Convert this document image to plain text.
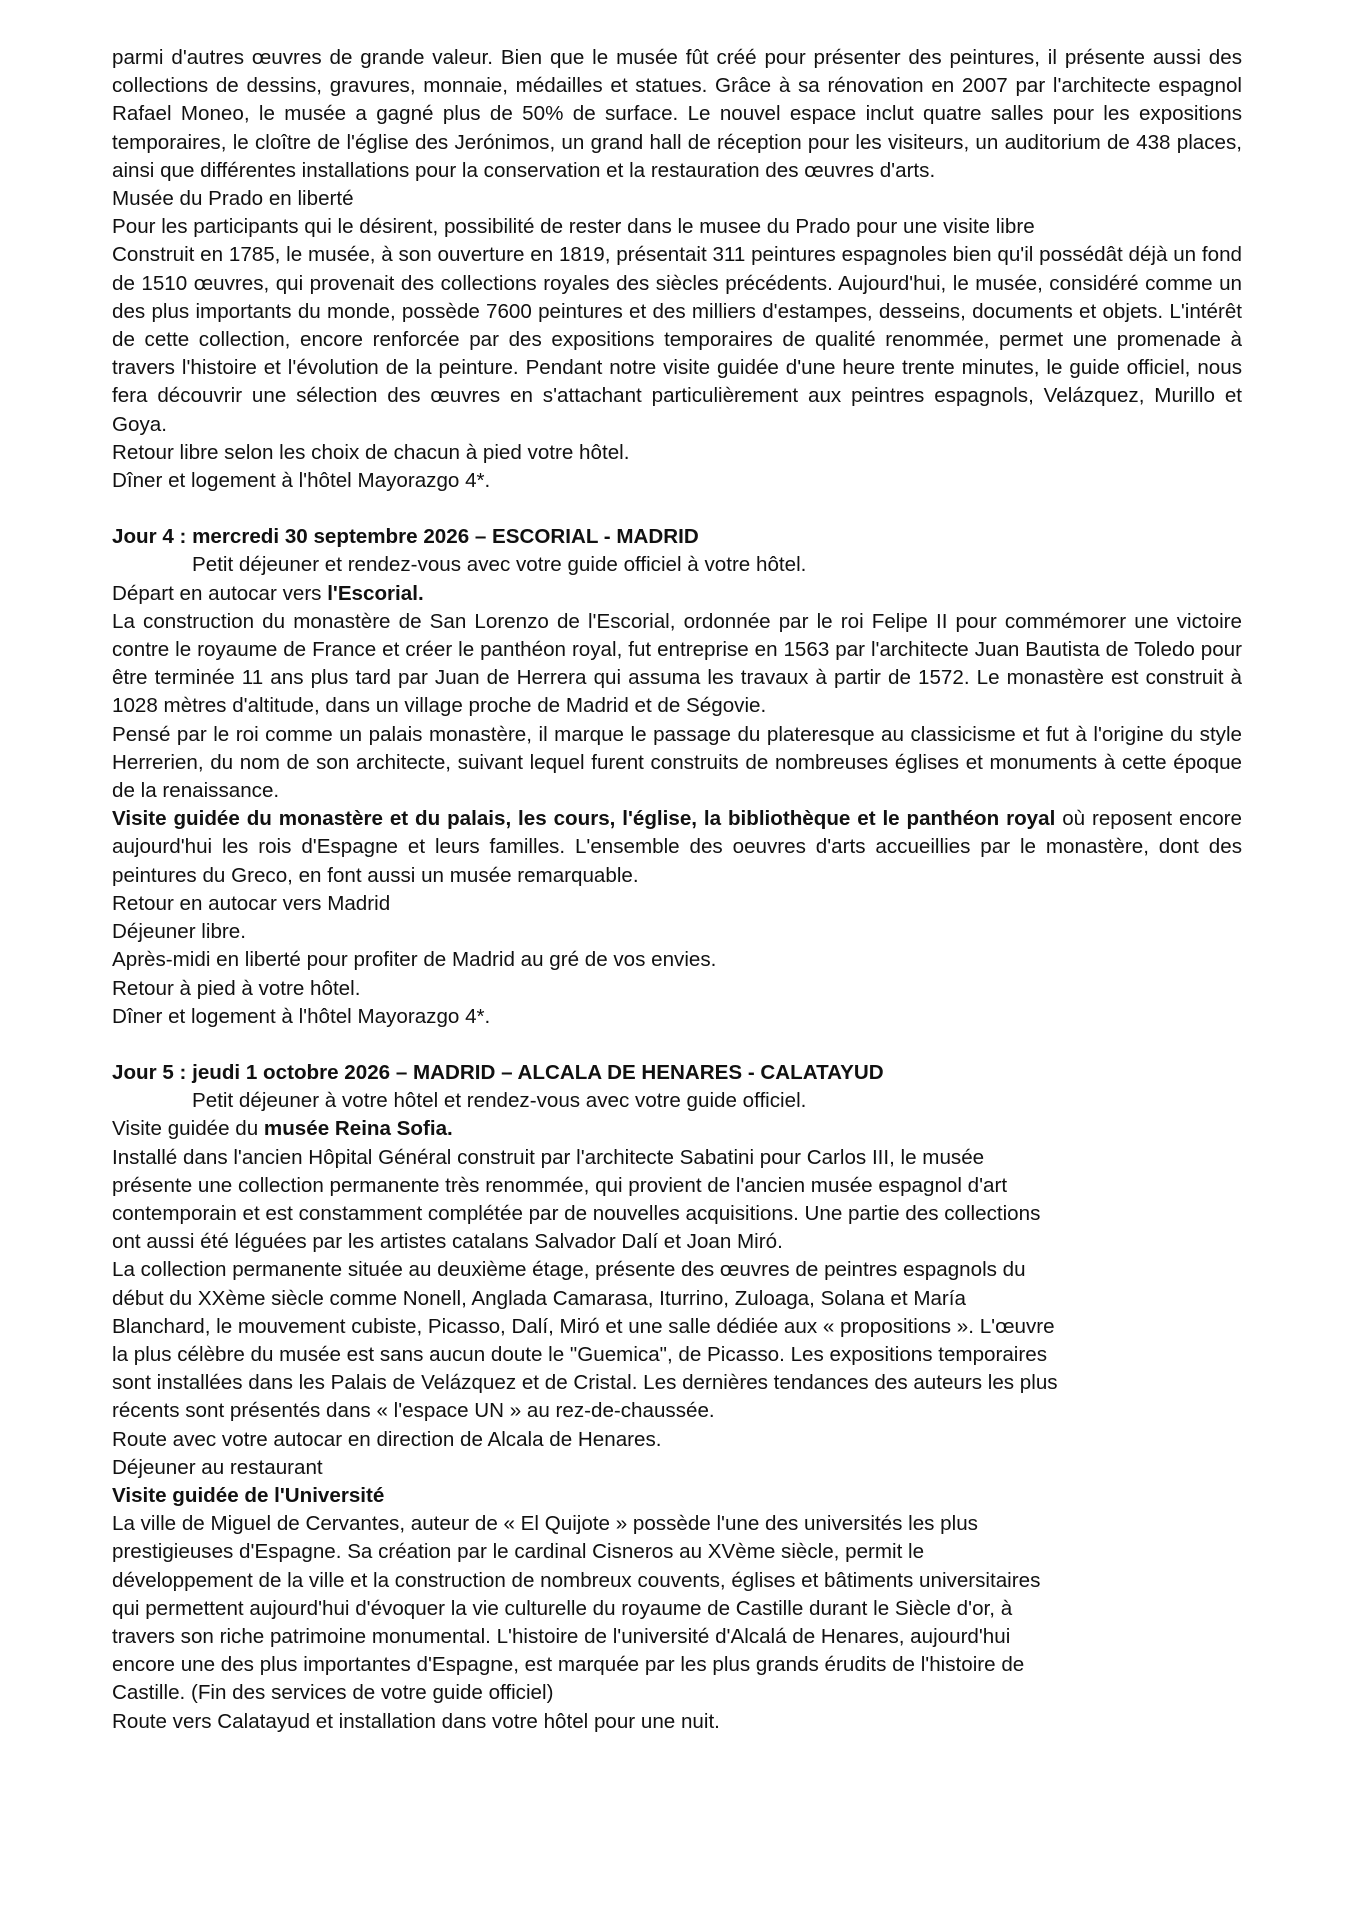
parmi d'autres œuvres de grande valeur. Bien que le musée fût créé pour présenter des peintures, il présente aussi des collections de dessins, gravures, monnaie, médailles et statues. Grâce à sa rénovation en 2007 par l'architecte espagnol Rafael Moneo, le musée a gagné plus de 50% de surface. Le nouvel espace inclut quatre salles pour les expositions temporaires, le cloître de l'église des Jerónimos, un grand hall de réception pour les visiteurs, un auditorium de 438 places, ainsi que différentes installations pour la conservation et la restauration des œuvres d'arts.

Musée du Prado en liberté

Pour les participants qui le désirent, possibilité de rester dans le musee du Prado pour une visite libre

Construit en 1785, le musée, à son ouverture en 1819, présentait 311 peintures espagnoles bien qu'il possédât déjà un fond de 1510 œuvres, qui provenait des collections royales des siècles précédents. Aujourd'hui, le musée, considéré comme un des plus importants du monde, possède 7600 peintures et des milliers d'estampes, desseins, documents et objets. L'intérêt de cette collection, encore renforcée par des expositions temporaires de qualité renommée, permet une promenade à travers l'histoire et l'évolution de la peinture. Pendant notre visite guidée d'une heure trente minutes, le guide officiel, nous fera découvrir une sélection des œuvres en s'attachant particulièrement aux peintres espagnols, Velázquez, Murillo et Goya.

Retour libre selon les choix de chacun à pied votre hôtel.

Dîner et logement à l'hôtel Mayorazgo 4*.

Jour 4 : mercredi 30 septembre 2026 – ESCORIAL - MADRID

Petit déjeuner et rendez-vous avec votre guide officiel à votre hôtel.

Départ en autocar vers l'Escorial.

La construction du monastère de San Lorenzo de l'Escorial, ordonnée par le roi Felipe II pour commémorer une victoire contre le royaume de France et créer le panthéon royal, fut entreprise en 1563 par l'architecte Juan Bautista de Toledo pour être terminée 11 ans plus tard par Juan de Herrera qui assuma les travaux à partir de 1572. Le monastère est construit à 1028 mètres d'altitude, dans un village proche de Madrid et de Ségovie.

Pensé par le roi comme un palais monastère, il marque le passage du plateresque au classicisme et fut à l'origine du style Herrerien, du nom de son architecte, suivant lequel furent construits de nombreuses églises et monuments à cette époque de la renaissance.

Visite guidée du monastère et du palais, les cours, l'église, la bibliothèque et le panthéon royal où reposent encore aujourd'hui les rois d'Espagne et leurs familles. L'ensemble des oeuvres d'arts accueillies par le monastère, dont des peintures du Greco, en font aussi un musée remarquable.

Retour en autocar vers Madrid

Déjeuner libre.

Après-midi en liberté pour profiter de Madrid au gré de vos envies.

Retour à pied à votre hôtel.

Dîner et logement à l'hôtel Mayorazgo 4*.

Jour 5 : jeudi 1 octobre 2026 – MADRID – ALCALA DE HENARES - CALATAYUD

Petit déjeuner à votre hôtel et rendez-vous avec votre guide officiel.

Visite guidée du musée Reina Sofia.

Installé dans l'ancien Hôpital Général construit par l'architecte Sabatini pour Carlos III, le musée

présente une collection permanente très renommée, qui provient de l'ancien musée espagnol d'art

contemporain et est constamment complétée par de nouvelles acquisitions. Une partie des collections

ont aussi été léguées par les artistes catalans Salvador Dalí et Joan Miró.

La collection permanente située au deuxième étage, présente des œuvres de peintres espagnols du

début du XXème siècle comme Nonell, Anglada Camarasa, Iturrino, Zuloaga, Solana et María

Blanchard, le mouvement cubiste, Picasso, Dalí, Miró et une salle dédiée aux « propositions ». L'œuvre

la plus célèbre du musée est sans aucun doute le "Guemica", de Picasso. Les expositions temporaires

sont installées dans les Palais de Velázquez et de Cristal. Les dernières tendances des auteurs les plus

récents sont présentés dans « l'espace UN » au rez-de-chaussée.

Route avec votre autocar en direction de Alcala de Henares.

Déjeuner au restaurant

Visite guidée de l'Université

La ville de Miguel de Cervantes, auteur de « El Quijote » possède l'une des universités les plus

prestigieuses d'Espagne. Sa création par le cardinal Cisneros au XVème siècle, permit le

développement de la ville et la construction de nombreux couvents, églises et bâtiments universitaires

qui permettent aujourd'hui d'évoquer la vie culturelle du royaume de Castille durant le Siècle d'or, à

travers son riche patrimoine monumental. L'histoire de l'université d'Alcalá de Henares, aujourd'hui

encore une des plus importantes d'Espagne, est marquée par les plus grands érudits de l'histoire de

Castille. (Fin des services de votre guide officiel)

Route vers Calatayud et installation dans votre hôtel pour une nuit.
